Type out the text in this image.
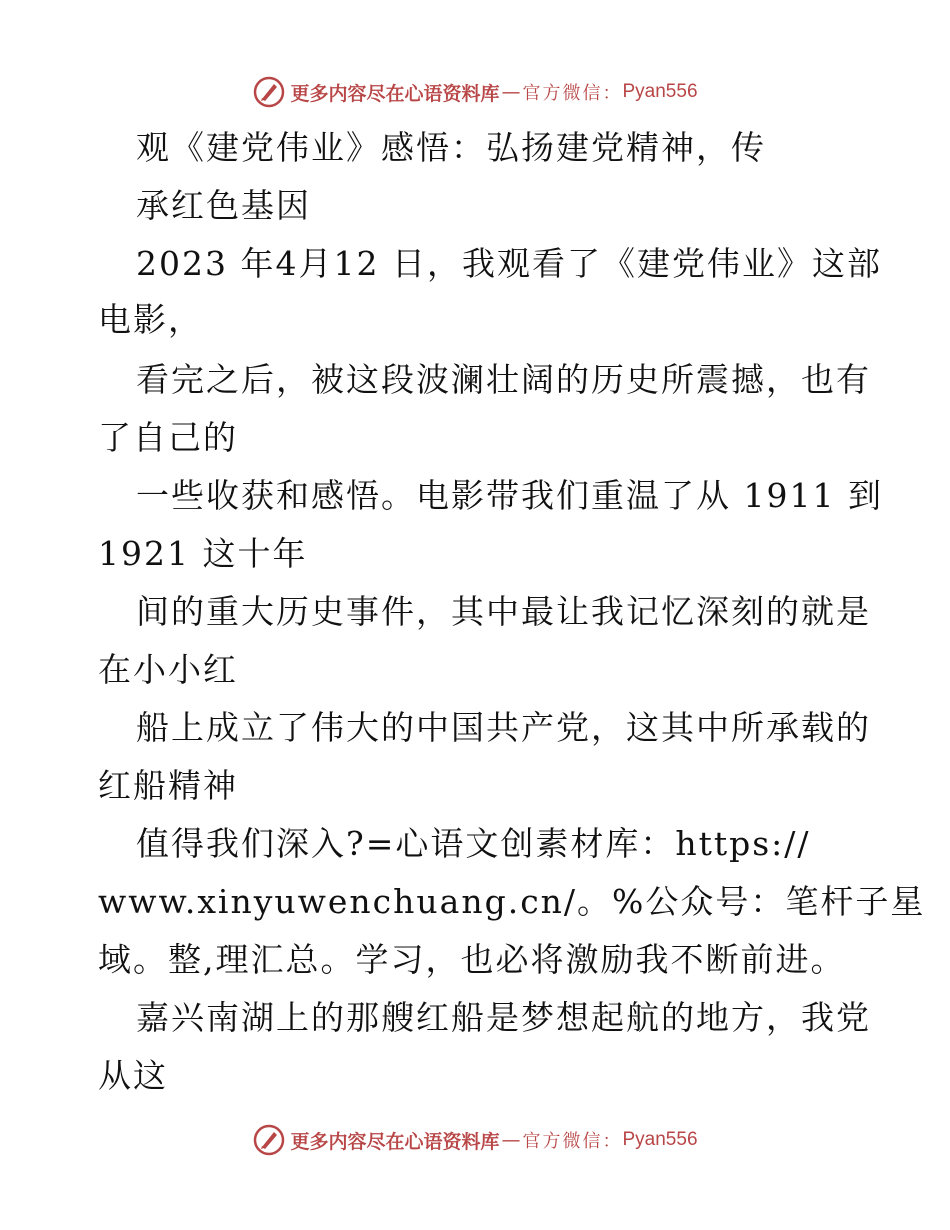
更多内容尽在心语资料库 — 官方微信： Pyan556
观《建党伟业》感悟：弘扬建党精神，传
承红色基因
2023 年4月12 日，我观看了《建党伟业》这部
电影，
看完之后，被这段波澜壮阔的历史所震撼，也有
了自己的
一些收获和感悟。电影带我们重温了从 1911 到
1921 这十年
间的重大历史事件，其中最让我记忆深刻的就是
在小小红
船上成立了伟大的中国共产党，这其中所承载的
红船精神
值得我们深入?=心语文创素材库：https://
www.xinyuwenchuang.cn/。%公众号：笔杆子星
域。整,理汇总。学习，也必将激励我不断前进。
嘉兴南湖上的那艘红船是梦想起航的地方，我党
从这
更多内容尽在心语资料库 — 官方微信： Pyan556
